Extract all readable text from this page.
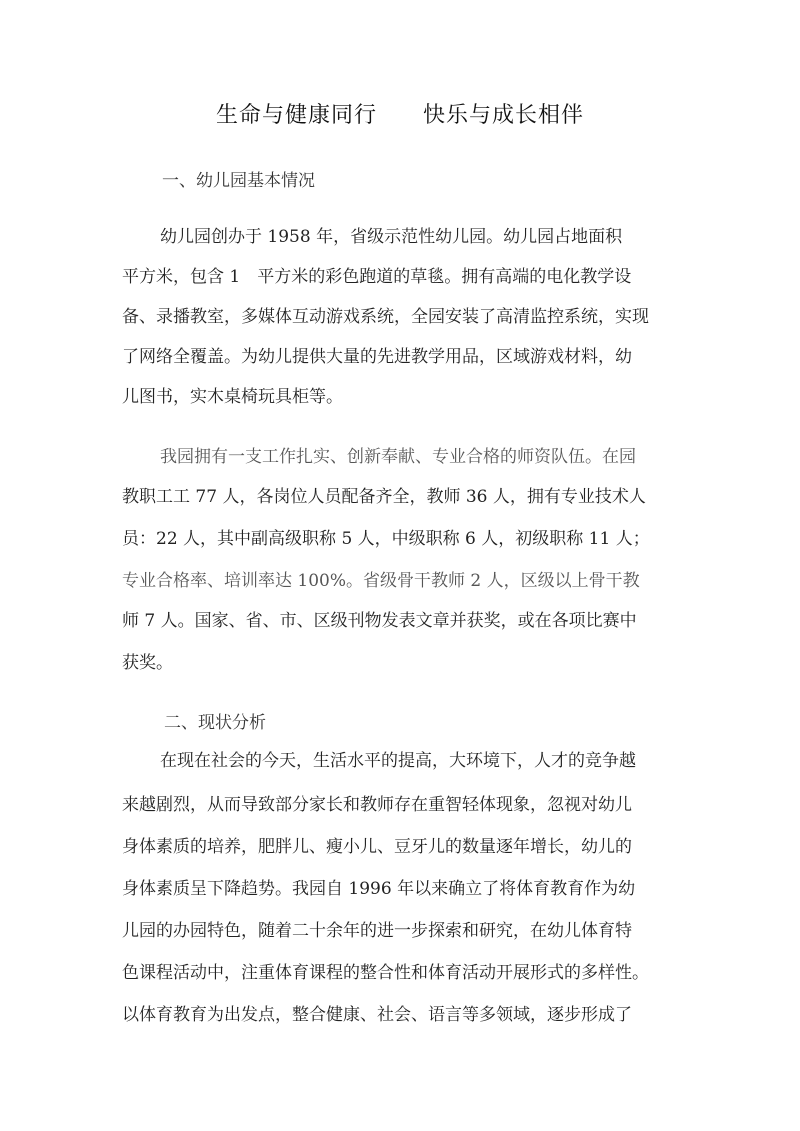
生命与健康同行　　快乐与成长相伴
一、幼儿园基本情况
幼儿园创办于 1958 年，省级示范性幼儿园。幼儿园占地面积
平方米，包含 1　平方米的彩色跑道的草毯。拥有高端的电化教学设
备、录播教室，多媒体互动游戏系统，全园安装了高清监控系统，实现
了网络全覆盖。为幼儿提供大量的先进教学用品，区域游戏材料，幼
儿图书，实木桌椅玩具柜等。
我园拥有一支工作扎实、创新奉献、专业合格的师资队伍。在园
教职工工 77 人，各岗位人员配备齐全，教师 36 人，拥有专业技术人
员：22 人，其中副高级职称 5 人，中级职称 6 人，初级职称 11 人；
专业合格率、培训率达 100%。省级骨干教师 2 人，区级以上骨干教
师 7 人。国家、省、市、区级刊物发表文章并获奖，或在各项比赛中
获奖。
二、现状分析
在现在社会的今天，生活水平的提高，大环境下，人才的竞争越
来越剧烈，从而导致部分家长和教师存在重智轻体现象，忽视对幼儿
身体素质的培养，肥胖儿、瘦小儿、豆牙儿的数量逐年增长，幼儿的
身体素质呈下降趋势。我园自 1996 年以来确立了将体育教育作为幼
儿园的办园特色，随着二十余年的进一步探索和研究，在幼儿体育特
色课程活动中，注重体育课程的整合性和体育活动开展形式的多样性。
以体育教育为出发点，整合健康、社会、语言等多领域，逐步形成了
